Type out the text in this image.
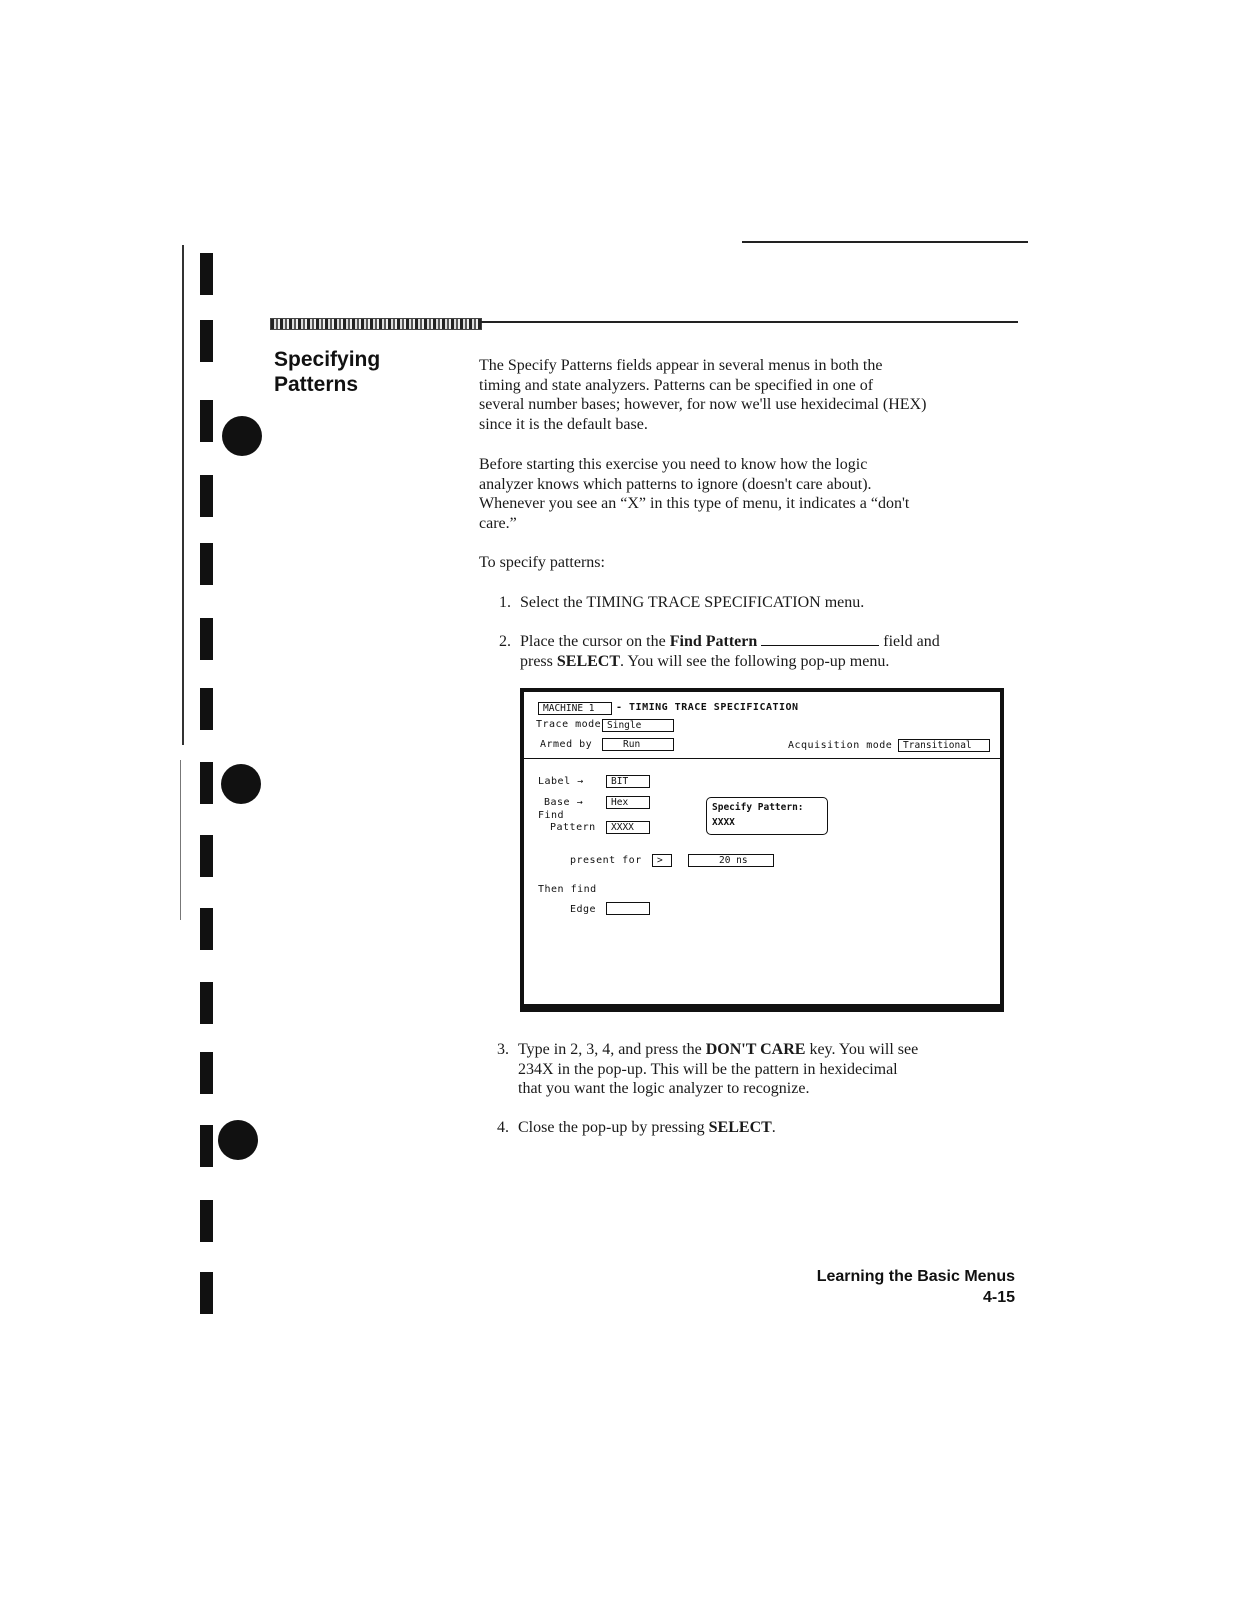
Specifying
Patterns
The Specify Patterns fields appear in several menus in both the
timing and state analyzers. Patterns can be specified in one of
several number bases; however, for now we'll use hexidecimal (HEX)
since it is the default base.
Before starting this exercise you need to know how the logic
analyzer knows which patterns to ignore (doesn't care about).
Whenever you see an “X” in this type of menu, it indicates a “don't
care.”
To specify patterns:
1. Select the TIMING TRACE SPECIFICATION menu.
2. Place the cursor on the Find Pattern	field and
press SELECT. You will see the following pop-up menu.
MACHINE 1	- TIMING TRACE SPECIFICATION
Trace mode Single
Armed by	Run	Acquisition mode	Transitional
Label →	BIT
Base →	Hex
Find
Pattern	XXXX
Specify Pattern:
XXXX
present for	>	20 ns
Then find
Edge
3. Type in 2, 3, 4, and press the DON'T CARE key. You will see
234X in the pop-up. This will be the pattern in hexidecimal
that you want the logic analyzer to recognize.
4. Close the pop-up by pressing SELECT.
Learning the Basic Menus
4-15
